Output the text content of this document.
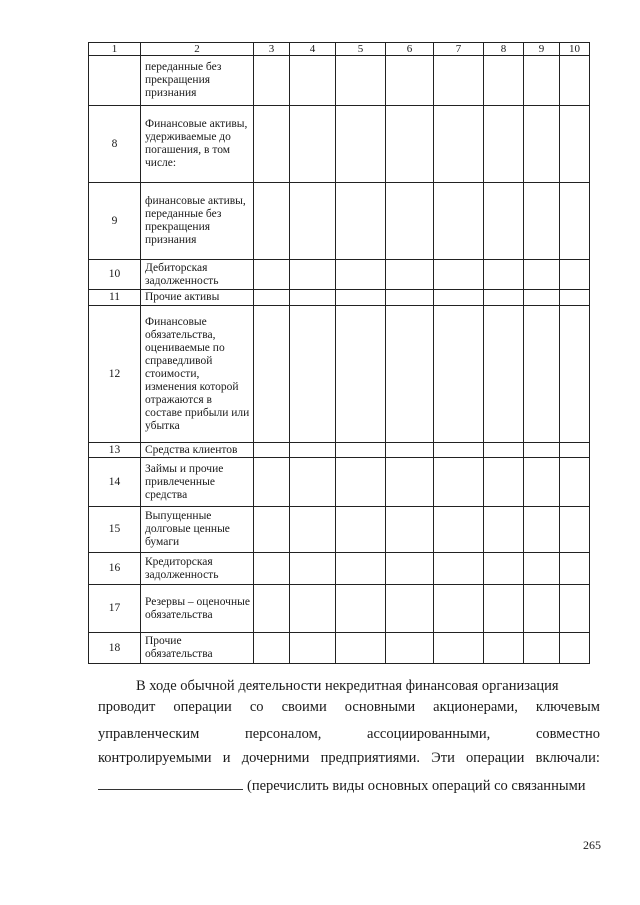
1	2	3	4	5	6	7	8	9	10
	переданные без прекращения признания								
8	Финансовые активы, удерживаемые до погашения, в том числе:								
9	финансовые активы, переданные без прекращения признания								
10	Дебиторская задолженность								
11	Прочие активы								
12	Финансовые обязательства, оцениваемые по справедливой стоимости, изменения которой отражаются в составе прибыли или убытка								
13	Средства клиентов								
14	Займы и прочие привлеченные средства								
15	Выпущенные долговые ценные бумаги								
16	Кредиторская задолженность								
17	Резервы – оценочные обязательства								
18	Прочие обязательства								
В ходе обычной деятельности некредитная финансовая организация
проводит операции со своими основными акционерами, ключевым
управленческим	персоналом,	ассоциированными,	совместно
контролируемыми и дочерними предприятиями. Эти операции включали:
(перечислить виды основных операций со связанными
265
